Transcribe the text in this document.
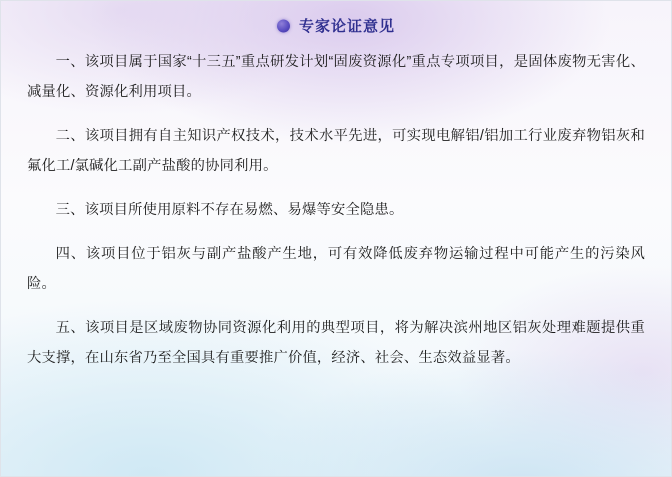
专家论证意见

一、该项目属于国家“十三五”重点研发计划“固废资源化”重点专项项目，是固体废物无害化、减量化、资源化利用项目。

二、该项目拥有自主知识产权技术，技术水平先进，可实现电解铝/铝加工行业废弃物铝灰和氟化工/氯碱化工副产盐酸的协同利用。

三、该项目所使用原料不存在易燃、易爆等安全隐患。

四、该项目位于铝灰与副产盐酸产生地，可有效降低废弃物运输过程中可能产生的污染风险。

五、该项目是区域废物协同资源化利用的典型项目，将为解决滨州地区铝灰处理难题提供重大支撑，在山东省乃至全国具有重要推广价值，经济、社会、生态效益显著。
